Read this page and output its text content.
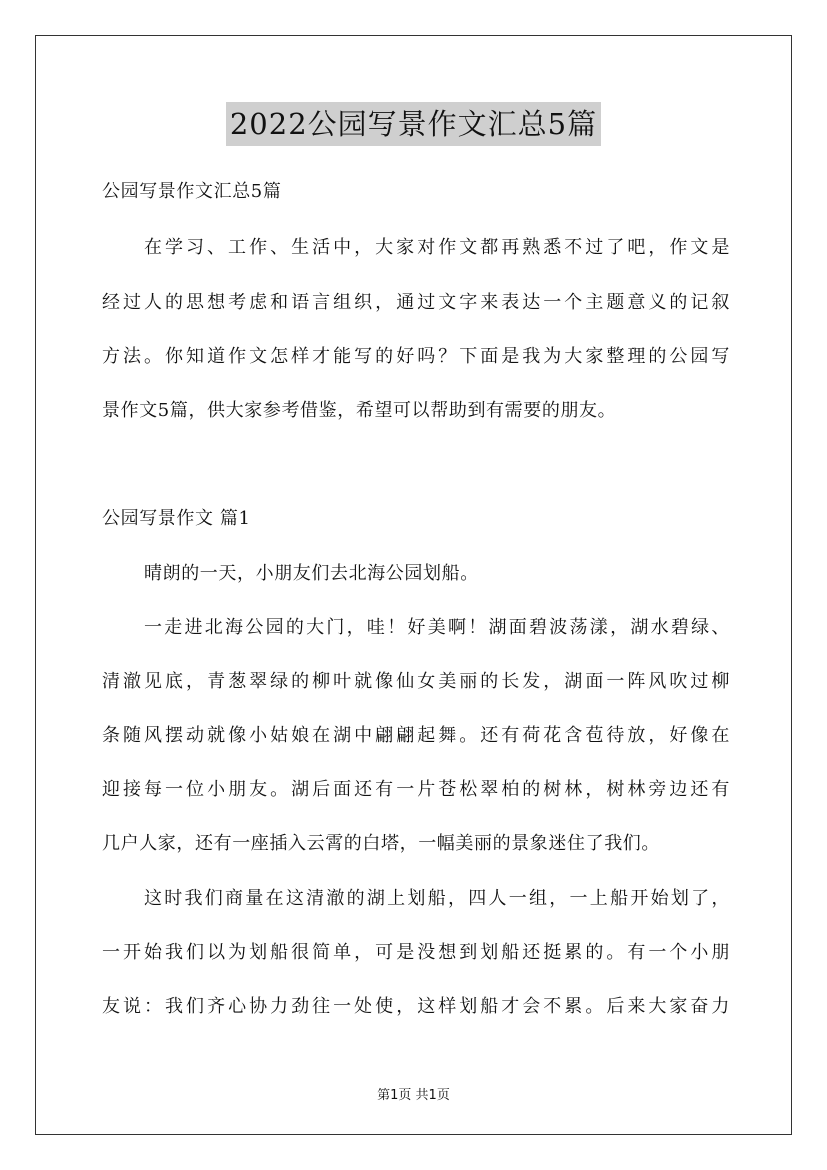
2022公园写景作文汇总5篇
公园写景作文汇总5篇
在学习、工作、生活中，大家对作文都再熟悉不过了吧，作文是
经过人的思想考虑和语言组织，通过文字来表达一个主题意义的记叙
方法。你知道作文怎样才能写的好吗？下面是我为大家整理的公园写
景作文5篇，供大家参考借鉴，希望可以帮助到有需要的朋友。
公园写景作文 篇1
晴朗的一天，小朋友们去北海公园划船。
一走进北海公园的大门，哇！好美啊！湖面碧波荡漾，湖水碧绿、
清澈见底，青葱翠绿的柳叶就像仙女美丽的长发，湖面一阵风吹过柳
条随风摆动就像小姑娘在湖中翩翩起舞。还有荷花含苞待放，好像在
迎接每一位小朋友。湖后面还有一片苍松翠柏的树林，树林旁边还有
几户人家，还有一座插入云霄的白塔，一幅美丽的景象迷住了我们。
这时我们商量在这清澈的湖上划船，四人一组，一上船开始划了，
一开始我们以为划船很简单，可是没想到划船还挺累的。有一个小朋
友说：我们齐心协力劲往一处使，这样划船才会不累。后来大家奋力
第1页 共1页
